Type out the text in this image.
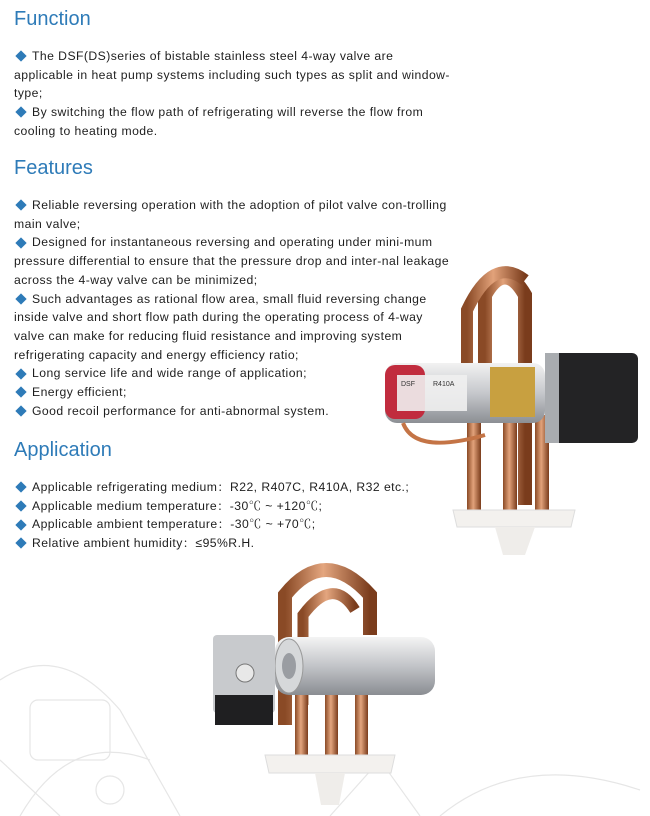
Function

The DSF(DS)series of bistable stainless steel 4-way valve are applicable in heat pump systems including such types as split and window-type;

By switching the flow path of refrigerating will reverse the flow from cooling to heating mode.

Features

Reliable reversing operation with the adoption of pilot valve con-trolling main valve;

Designed for instantaneous reversing and operating under mini-mum pressure differential to ensure that the pressure drop and inter-nal leakage across the 4-way valve can be minimized;

Such advantages as rational flow area, small fluid reversing change inside valve and short flow path during the operating process of 4-way valve can make for reducing fluid resistance and improving system refrigerating capacity and energy efficiency ratio;

Long service life and wide range of application;

Energy efficient;

Good recoil performance for anti-abnormal system.

Application

Applicable refrigerating medium：R22, R407C, R410A, R32 etc.;

Applicable medium temperature：-30℃ ~ +120℃;

Applicable ambient temperature：-30℃ ~ +70℃;

Relative ambient humidity：≤95%R.H.

DSF	R410A
